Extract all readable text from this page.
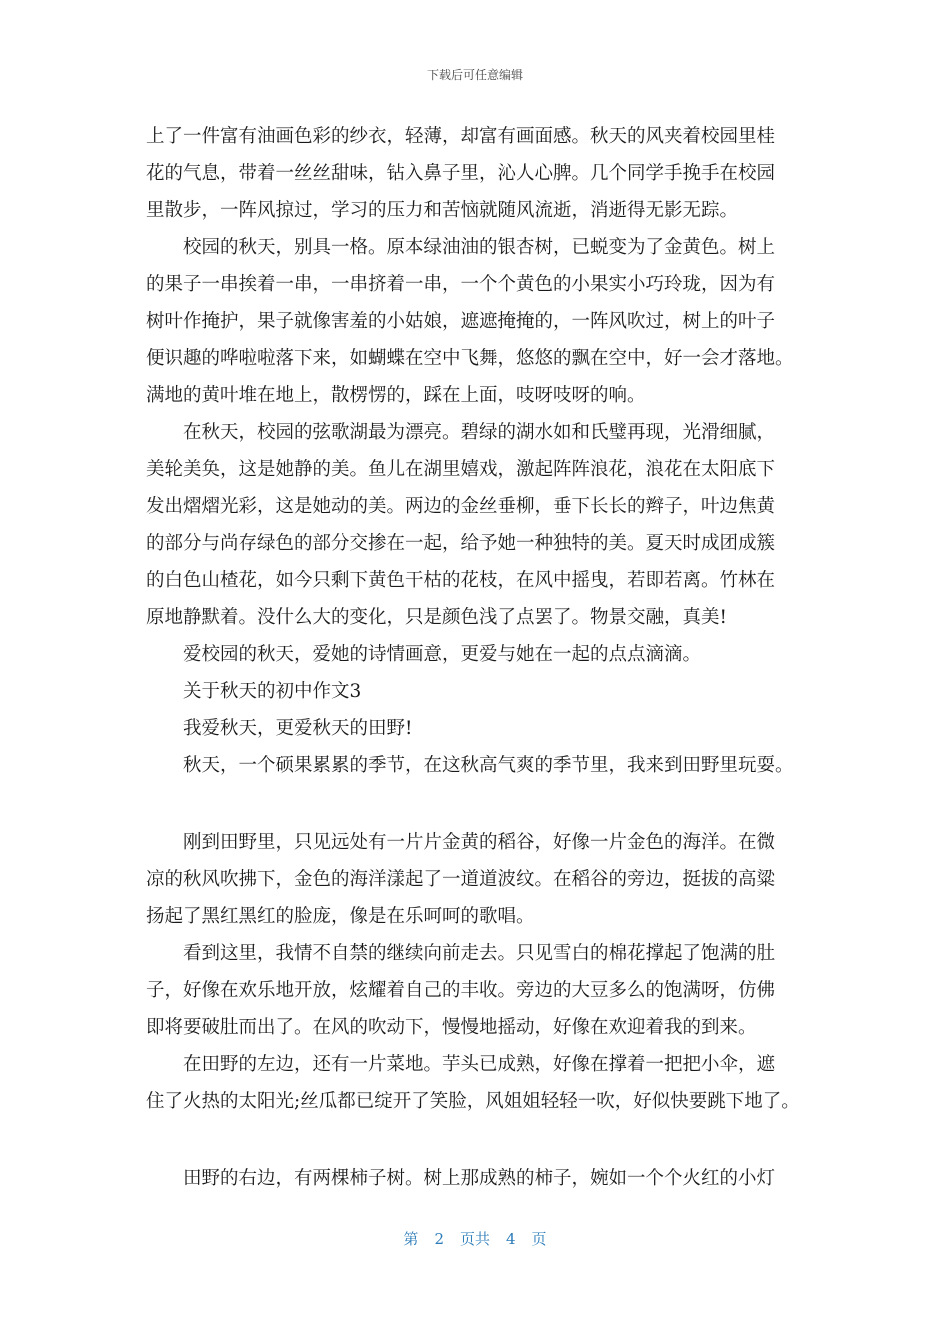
下载后可任意编辑

上了一件富有油画色彩的纱衣，轻薄，却富有画面感。秋天的风夹着校园里桂

花的气息，带着一丝丝甜味，钻入鼻子里，沁人心脾。几个同学手挽手在校园

里散步，一阵风掠过，学习的压力和苦恼就随风流逝，消逝得无影无踪。

校园的秋天，别具一格。原本绿油油的银杏树，已蜕变为了金黄色。树上

的果子一串挨着一串，一串挤着一串，一个个黄色的小果实小巧玲珑，因为有

树叶作掩护，果子就像害羞的小姑娘，遮遮掩掩的，一阵风吹过，树上的叶子

便识趣的哗啦啦落下来，如蝴蝶在空中飞舞，悠悠的飘在空中，好一会才落地。

满地的黄叶堆在地上，散楞愣的，踩在上面，吱呀吱呀的响。

在秋天，校园的弦歌湖最为漂亮。碧绿的湖水如和氏璧再现，光滑细腻，

美轮美奂，这是她静的美。鱼儿在湖里嬉戏，激起阵阵浪花，浪花在太阳底下

发出熠熠光彩，这是她动的美。两边的金丝垂柳，垂下长长的辫子，叶边焦黄

的部分与尚存绿色的部分交掺在一起，给予她一种独特的美。夏天时成团成簇

的白色山楂花，如今只剩下黄色干枯的花枝，在风中摇曳，若即若离。竹林在

原地静默着。没什么大的变化，只是颜色浅了点罢了。物景交融，真美!

爱校园的秋天，爱她的诗情画意，更爱与她在一起的点点滴滴。

关于秋天的初中作文3

我爱秋天，更爱秋天的田野!

秋天，一个硕果累累的季节，在这秋高气爽的季节里，我来到田野里玩耍。

刚到田野里，只见远处有一片片金黄的稻谷，好像一片金色的海洋。在微

凉的秋风吹拂下，金色的海洋漾起了一道道波纹。在稻谷的旁边，挺拔的高粱

扬起了黑红黑红的脸庞，像是在乐呵呵的歌唱。

看到这里，我情不自禁的继续向前走去。只见雪白的棉花撑起了饱满的肚

子，好像在欢乐地开放，炫耀着自己的丰收。旁边的大豆多么的饱满呀，仿佛

即将要破肚而出了。在风的吹动下，慢慢地摇动，好像在欢迎着我的到来。

在田野的左边，还有一片菜地。芋头已成熟，好像在撑着一把把小伞，遮

住了火热的太阳光;丝瓜都已绽开了笑脸，风姐姐轻轻一吹，好似快要跳下地了。

田野的右边，有两棵柿子树。树上那成熟的柿子，婉如一个个火红的小灯

第 2 页共 4 页
